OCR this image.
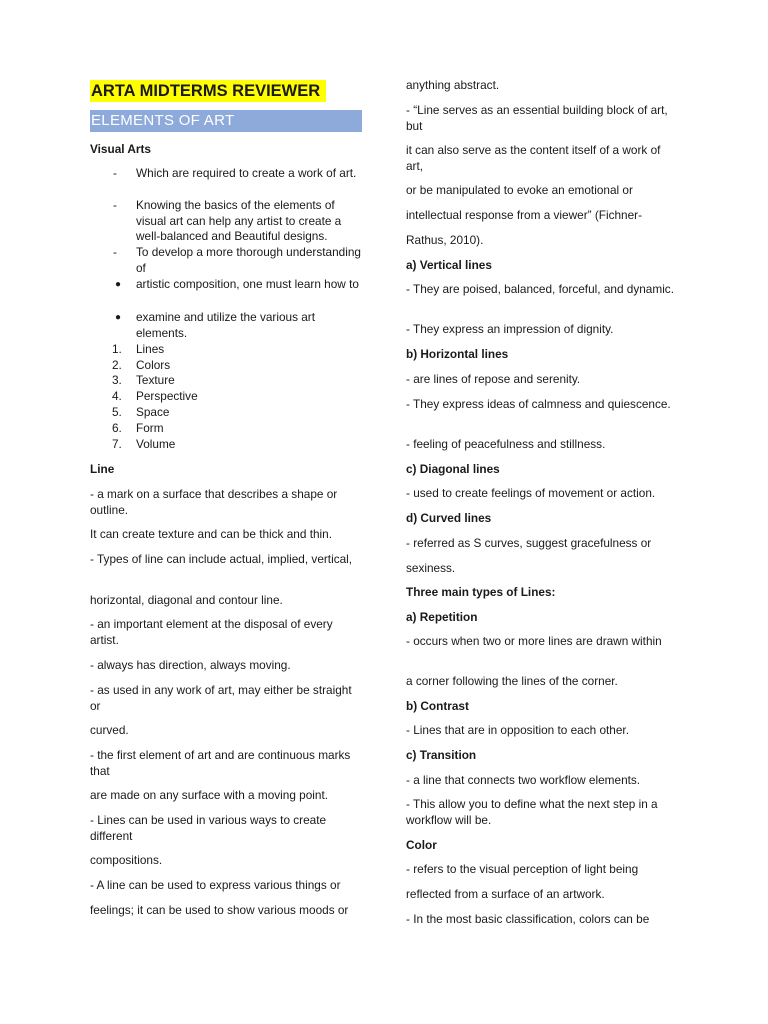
ARTA MIDTERMS REVIEWER
ELEMENTS OF ART

Visual Arts

-	Which are required to create a work of art.
-	Knowing the basics of the elements of visual art can help any artist to create a well-balanced and Beautiful designs.
-	To develop a more thorough understanding of
●	artistic composition, one must learn how to
●	examine and utilize the various art elements.
1.	Lines
2.	Colors
3.	Texture
4.	Perspective
5.	Space
6.	Form
7.	Volume

Line

- a mark on a surface that describes a shape or outline.

It can create texture and can be thick and thin.

- Types of line can include actual, implied, vertical,

horizontal, diagonal and contour line.

- an important element at the disposal of every artist.

- always has direction, always moving.

- as used in any work of art, may either be straight or

curved.

- the first element of art and are continuous marks that

are made on any surface with a moving point.

- Lines can be used in various ways to create different

compositions.

- A line can be used to express various things or

feelings; it can be used to show various moods or

anything abstract.

- “Line serves as an essential building block of art, but

it can also serve as the content itself of a work of art,

or be manipulated to evoke an emotional or

intellectual response from a viewer” (Fichner-

Rathus, 2010).

a) Vertical lines

- They are poised, balanced, forceful, and dynamic.

- They express an impression of dignity.

b) Horizontal lines

- are lines of repose and serenity.

- They express ideas of calmness and quiescence.

- feeling of peacefulness and stillness.

c) Diagonal lines

- used to create feelings of movement or action.

d) Curved lines

- referred as S curves, suggest gracefulness or

sexiness.

Three main types of Lines:

a) Repetition

- occurs when two or more lines are drawn within

a corner following the lines of the corner.

b) Contrast

- Lines that are in opposition to each other.

c) Transition

- a line that connects two workflow elements.

- This allow you to define what the next step in a workflow will be.

Color

- refers to the visual perception of light being

reflected from a surface of an artwork.

- In the most basic classification, colors can be
